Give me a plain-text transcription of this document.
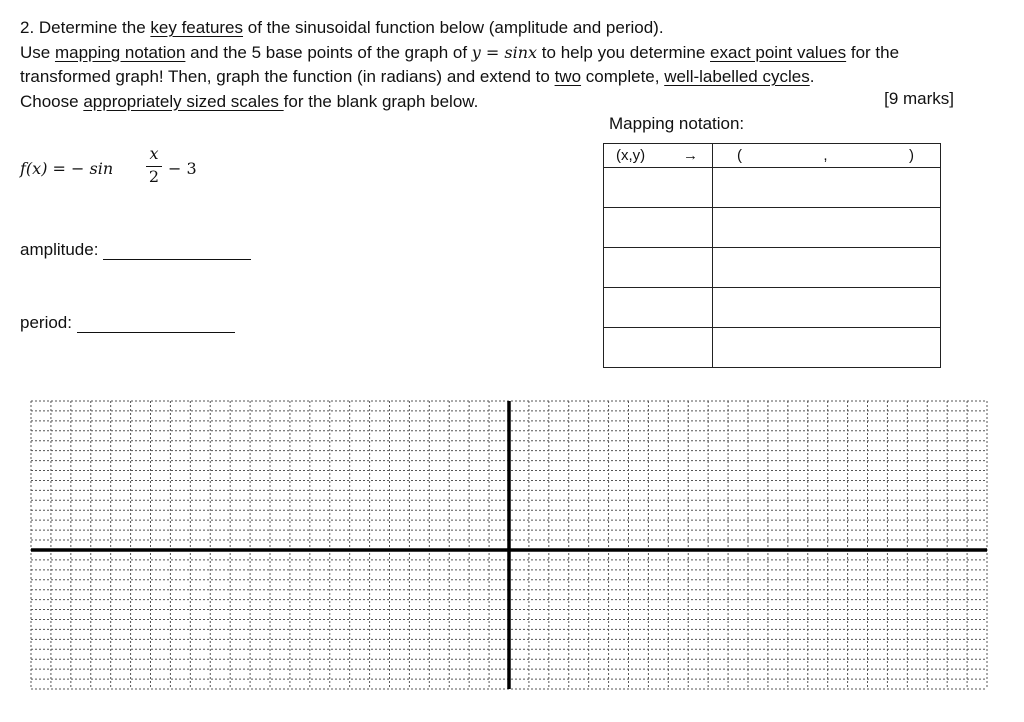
2. Determine the key features of the sinusoidal function below (amplitude and period).

Use mapping notation and the 5 base points of the graph of y = sinx to help you determine exact point values for the

transformed graph! Then, graph the function (in radians) and extend to two complete, well-labelled cycles.

Choose appropriately sized scales for the blank graph below.	[9 marks]
Mapping notation:
f(x) = − sin
x
2 − 3
amplitude:
period:
(x,y) →	( , )
